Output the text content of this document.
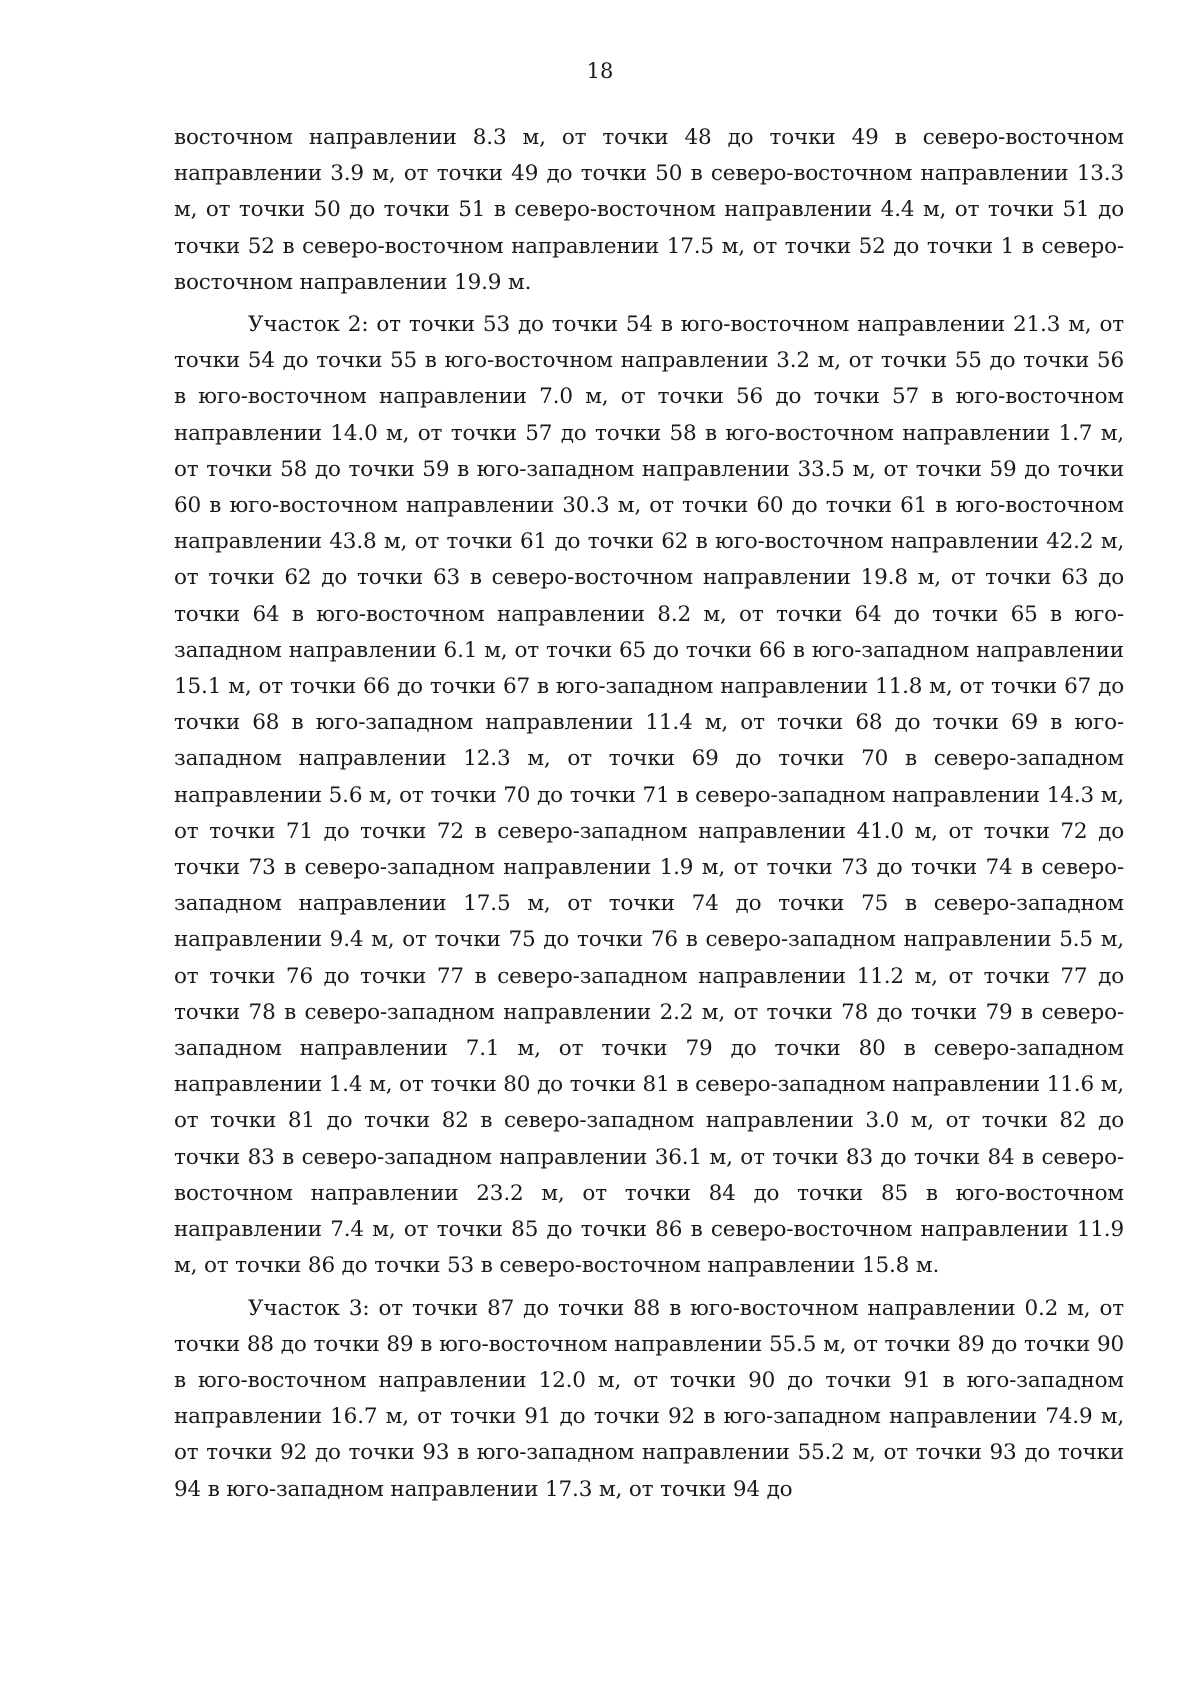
18

восточном направлении 8.3 м, от точки 48 до точки 49 в северо-восточном направлении 3.9 м, от точки 49 до точки 50 в северо-восточном направлении 13.3 м, от точки 50 до точки 51 в северо-восточном направлении 4.4 м, от точки 51 до точки 52 в северо-восточном направлении 17.5 м, от точки 52 до точки 1 в северо-восточном направлении 19.9 м.

Участок 2: от точки 53 до точки 54 в юго-восточном направлении 21.3 м, от точки 54 до точки 55 в юго-восточном направлении 3.2 м, от точки 55 до точки 56 в юго-восточном направлении 7.0 м, от точки 56 до точки 57 в юго-восточном направлении 14.0 м, от точки 57 до точки 58 в юго-восточном направлении 1.7 м, от точки 58 до точки 59 в юго-западном направлении 33.5 м, от точки 59 до точки 60 в юго-восточном направлении 30.3 м, от точки 60 до точки 61 в юго-восточном направлении 43.8 м, от точки 61 до точки 62 в юго-восточном направлении 42.2 м, от точки 62 до точки 63 в северо-восточном направлении 19.8 м, от точки 63 до точки 64 в юго-восточном направлении 8.2 м, от точки 64 до точки 65 в юго-западном направлении 6.1 м, от точки 65 до точки 66 в юго-западном направлении 15.1 м, от точки 66 до точки 67 в юго-западном направлении 11.8 м, от точки 67 до точки 68 в юго-западном направлении 11.4 м, от точки 68 до точки 69 в юго-западном направлении 12.3 м, от точки 69 до точки 70 в северо-западном направлении 5.6 м, от точки 70 до точки 71 в северо-западном направлении 14.3 м, от точки 71 до точки 72 в северо-западном направлении 41.0 м, от точки 72 до точки 73 в северо-западном направлении 1.9 м, от точки 73 до точки 74 в северо-западном направлении 17.5 м, от точки 74 до точки 75 в северо-западном направлении 9.4 м, от точки 75 до точки 76 в северо-западном направлении 5.5 м, от точки 76 до точки 77 в северо-западном направлении 11.2 м, от точки 77 до точки 78 в северо-западном направлении 2.2 м, от точки 78 до точки 79 в северо-западном направлении 7.1 м, от точки 79 до точки 80 в северо-западном направлении 1.4 м, от точки 80 до точки 81 в северо-западном направлении 11.6 м, от точки 81 до точки 82 в северо-западном направлении 3.0 м, от точки 82 до точки 83 в северо-западном направлении 36.1 м, от точки 83 до точки 84 в северо-восточном направлении 23.2 м, от точки 84 до точки 85 в юго-восточном направлении 7.4 м, от точки 85 до точки 86 в северо-восточном направлении 11.9 м, от точки 86 до точки 53 в северо-восточном направлении 15.8 м.

Участок 3: от точки 87 до точки 88 в юго-восточном направлении 0.2 м, от точки 88 до точки 89 в юго-восточном направлении 55.5 м, от точки 89 до точки 90 в юго-восточном направлении 12.0 м, от точки 90 до точки 91 в юго-западном направлении 16.7 м, от точки 91 до точки 92 в юго-западном направлении 74.9 м, от точки 92 до точки 93 в юго-западном направлении 55.2 м, от точки 93 до точки 94 в юго-западном направлении 17.3 м, от точки 94 до
